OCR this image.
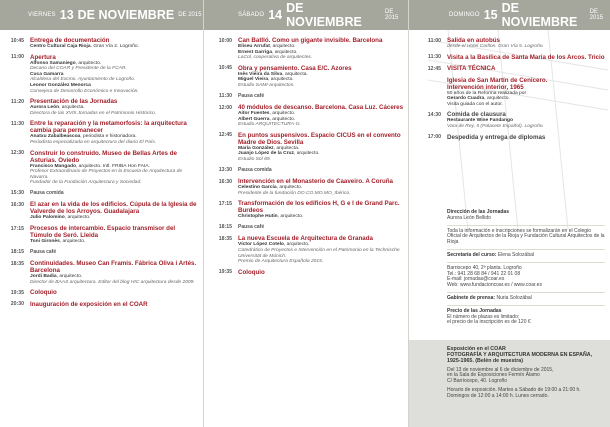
VIERNES 13 DE NOVIEMBRE DE 2015
10:45 Entrega de documentación
Centro Cultural Caja Rioja. Gran Vía 2. Logroño.
11:00 Apertura
Alfonso Samaniego, arquitecto.
Decano del COAR y Presidente de la FCAR.
Cuca Gamarra
Alcaldesa del Excmo. Ayuntamiento de Logroño.
Leonor González Menorca
Consejera de Desarrollo Económico e Innovación.
11:20 Presentación de las Jornadas
Aurora León, arquitecta.
Directora de las XVIII Jornadas en el Patrimonio Histórico.
11:30 Entre la reparación y la metamorfosis: la arquitectura cambia para permanecer
Anatxu Zabalbeascoa, periodista e historiadora.
Periodista especializada en arquitectura del diario El País.
12:30 Construir lo construido. Museo de Bellas Artes de Asturias. Oviedo
Francisco Mangado, arquitecto. Intl. FRIBA Hon FAIA.
Profesor Extraordinario de Proyectos en la Escuela de Arquitectura de Navarra.
Fundador de la Fundación Arquitectura y Sociedad.
15:30	Pausa comida
16:30 El azar en la vida de los edificios. Cúpula de la Iglesia de Valverde de los Arroyos. Guadalajara
Julio Palomino, arquitecto.
17:15 Procesos de intercambio. Espacio transmisor del Túmulo de Seró. Lleida
Toni Gironès, arquitecto.
18:15	Pausa café
18:35 Continuidades. Museo Can Framis. Fábrica Oliva i Artés. Barcelona
Jordi Badia, arquitecto.
Director de BAAS arquitectura. Editor del blog HIC arquitectura desde 2009.
19:35 Coloquio
20:30 Inauguración de exposición en el COAR
SÁBADO 14 DE NOVIEMBRE
DE 2015
10:00 Can Batlló. Como un gigante invisible. Barcelona
Eliseu Arrufat, arquitecto.
Ernest Garriga, arquitecto.
LaCol, cooperativa de arquitectes.
10:45 Obra y pensamiento. Casa E/C. Azores
Inês Vieira da Silva, arquitecta.
Miguel Vieira, arquitecto.
Estudio SAMI-arquitectos.
11:30	Pausa café
12:00 40 módulos de descanso. Barcelona. Casa Luz. Cáceres
Aitor Fuentes, arquitecto.
Albert Guerra, arquitecto.
Estudio ARQUITECTURA-G.
12:45 En puntos suspensivos. Espacio CICUS en el convento Madre de Dios. Sevilla
María González, arquitecta.
Juanjo López de la Cruz, arquitecto.
Estudio Sol 89.
13:30	Pausa comida
16:30 Intervención en el Monasterio de Caaveiro. A Coruña
Celestino García, arquitecto.
Presidente de la fundación DO.CO.MO.MO_Ibérico.
17:15 Transformación de los edificios H, G e I de Grand Parc. Burdeos
Christophe Hutin, arquitecto.
18:15	Pausa café
18:35 La nueva Escuela de Arquitectura de Granada
Víctor López Cotelo, arquitecto.
Catedrático de Proyectos e Intervención en el Patrimonio en la Technische Universität de Múnich.
Premio de Arquitectura Española 2015.
19:35 Coloquio
DOMINGO 15 DE NOVIEMBRE
DE 2015
11:00 Salida en autobús
desde el Hotel Carlton. Gran Vía 5. Logroño.
11:30 Visita a la Basílica de Santa María de los Arcos. Tricio
12:45 VISITA TÉCNICA
Iglesia de San Martín de Cenicero.
Intervención interior, 1965
50 años de la Reforma realizada por
Gerardo Cuadra, arquitecto.
Visita guiada con el autor.
14:30 Comida de clausura
Restaurante Wine Fandango
Vara de Rey, 5 (Palacete Español). Logroño.
17:00 Despedida y entrega de diplomas

Dirección de las Jornadas

Aurora León Bellido

Toda la información e inscripciones se formalizarán en el Colegio Oficial de Arquitectos de la Rioja y Fundación Cultural Arquitectos de la Rioja

Secretaría del curso: Elena Solozábal

Barriocepo 40, 2ª planta. Logroño

Tel.: 941 28 68 84 / 941 22 01 08

E-mail: jornadas@coar.es

Web: www.fundacioncoar.es / www.coar.es

Gabinete de prensa: Nuria Solozábal

Precio de las Jornadas

El número de plazas es limitado;

el precio de la inscripción es de 120 €

Exposición en el COAR

FOTOGRAFÍA Y ARQUITECTURA MODERNA EN ESPAÑA, 1925-1965. (Belén de muestra)

Del 13 de noviembre al 6 de diciembre de 2015,

en la Sala de Exposiciones Fermín Álamo

C/ Barriocepo, 40. Logroño

Horario de exposición. Martes a Sábado de 19:00 a 21:00 h.

Domingos de 12:00 a 14:00 h. Lunes cerrado.
